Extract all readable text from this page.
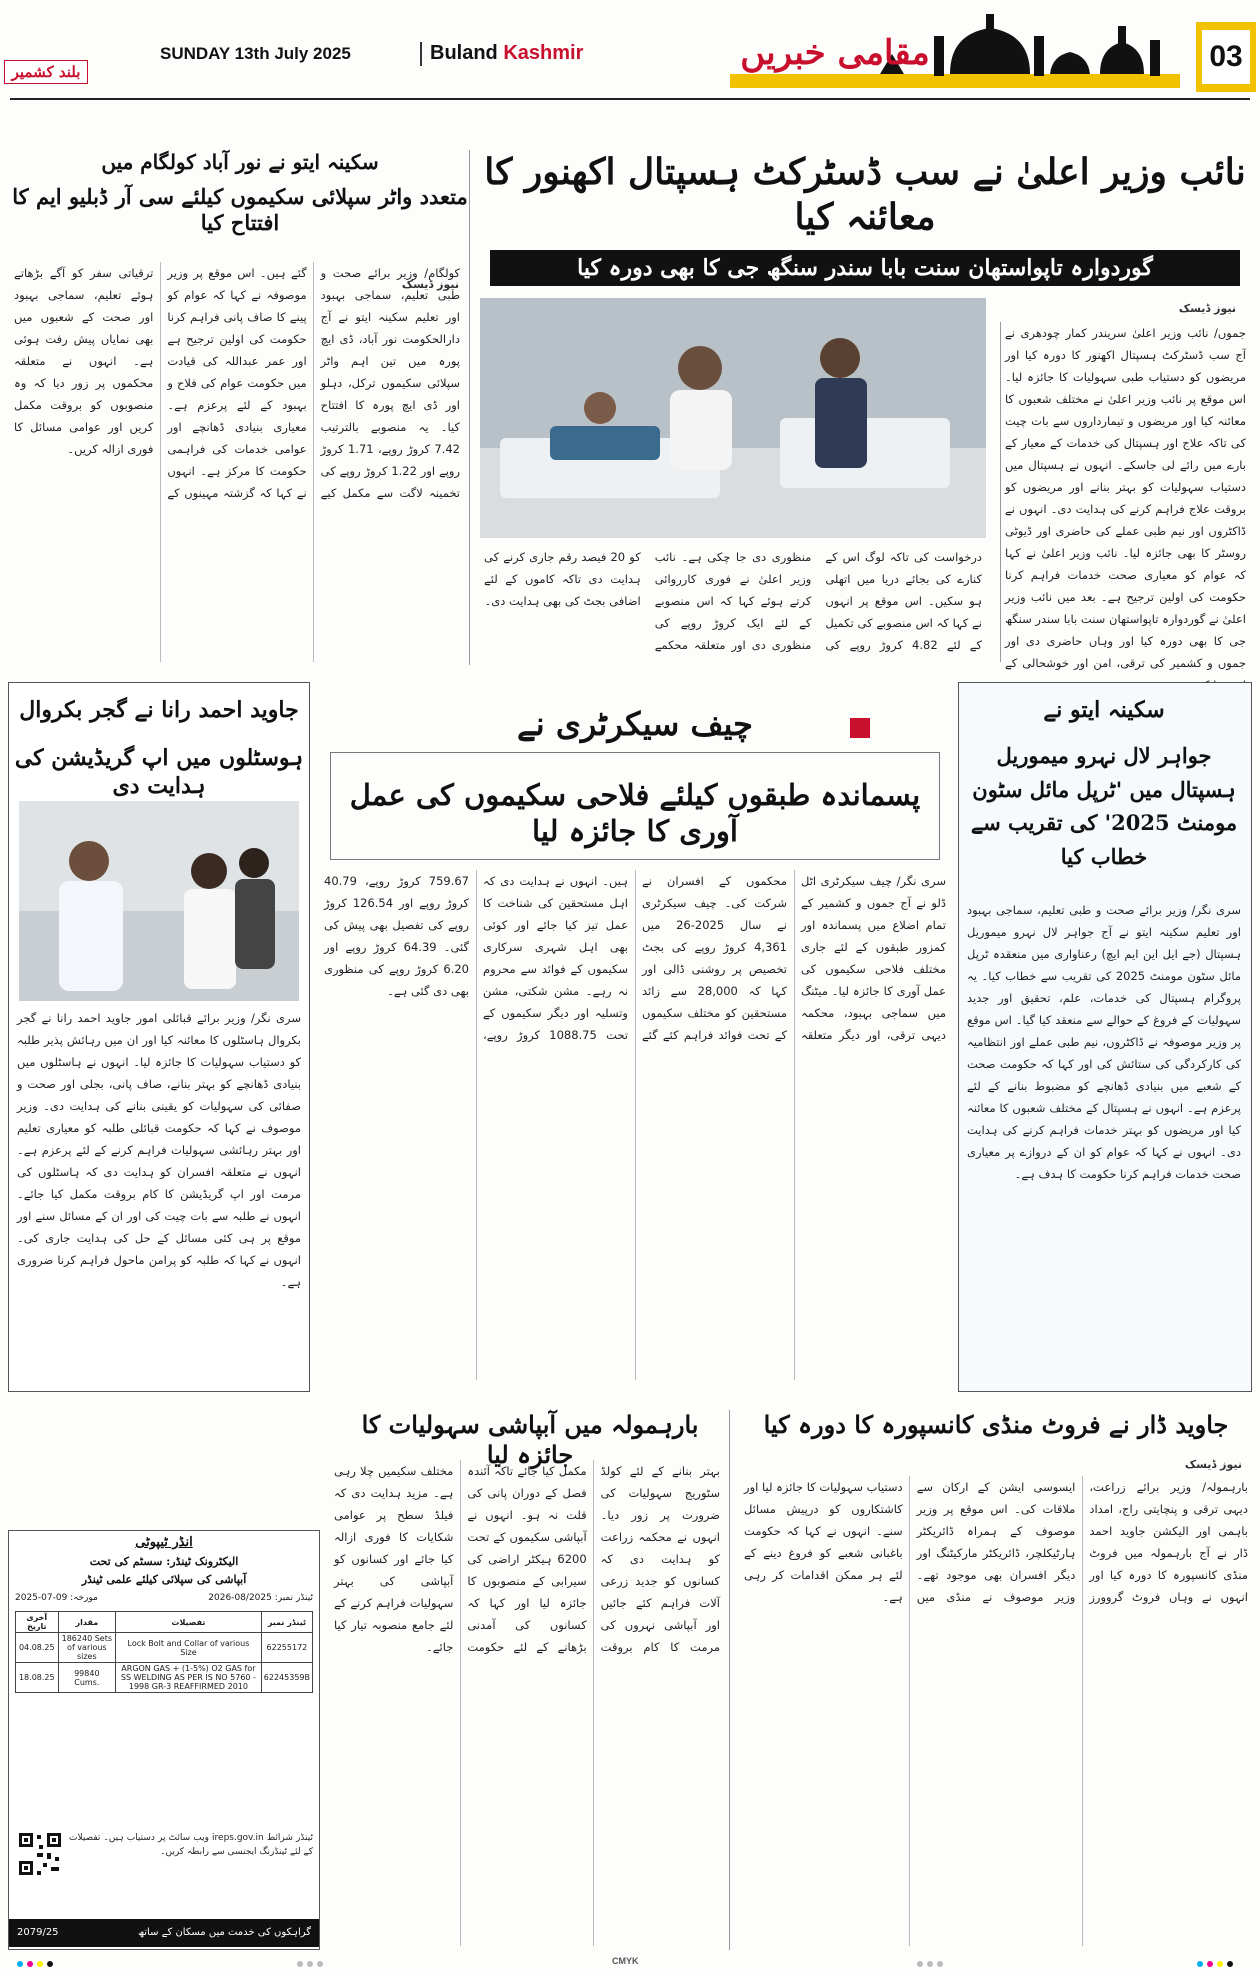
بلند کشمیر
SUNDAY 13th July 2025	Buland Kashmir	مقامی خبریں	03
نائب وزیر اعلیٰ نے سب ڈسٹرکٹ ہسپتال اکھنور کا معائنہ کیا
گوردوارہ تاپواستھان سنت بابا سندر سنگھ جی کا بھی دورہ کیا
نیوز ڈیسک
جموں/ نائب وزیر اعلیٰ سریندر کمار چودھری نے آج سب ڈسٹرکٹ ہسپتال اکھنور کا دورہ کیا اور مریضوں کو دستیاب طبی سہولیات کا جائزہ لیا۔ اس موقع پر نائب وزیر اعلیٰ نے مختلف شعبوں کا معائنہ کیا اور مریضوں و تیمارداروں سے بات چیت کی تاکہ علاج اور ہسپتال کی خدمات کے معیار کے بارے میں رائے لی جاسکے۔ انہوں نے ہسپتال میں دستیاب سہولیات کو بہتر بنانے اور مریضوں کو بروقت علاج فراہم کرنے کی ہدایت دی۔ انہوں نے ڈاکٹروں اور نیم طبی عملے کی حاضری اور ڈیوٹی روسٹر کا بھی جائزہ لیا۔ نائب وزیر اعلیٰ نے کہا کہ عوام کو معیاری صحت خدمات فراہم کرنا حکومت کی اولین ترجیح ہے۔ بعد میں نائب وزیر اعلیٰ نے گوردوارہ تاپواستھان سنت بابا سندر سنگھ جی کا بھی دورہ کیا اور وہاں حاضری دی اور جموں و کشمیر کی ترقی، امن اور خوشحالی کے
درخواست کی تاکہ لوگ اس کے کنارے کی بجائے دریا میں اتھلی ہو سکیں۔ اس موقع پر انہوں نے کہا کہ اس منصوبے کی تکمیل کے لئے 4.82 کروڑ روپے کی منظوری دی جا چکی ہے۔ نائب وزیر اعلیٰ نے فوری کارروائی کرتے ہوئے کہا کہ اس منصوبے کے لئے ایک کروڑ روپے کی منظوری دی اور متعلقہ محکمے کو 20 فیصد رقم جاری کرنے کی ہدایت دی تاکہ کاموں کے لئے اضافی بجٹ کی بھی ہدایت دی۔
سکینہ ایتو نے نور آباد کولگام میں
متعدد واٹر سپلائی سکیموں کیلئے سی آر ڈبلیو ایم کا افتتاح کیا
نیوز ڈیسک
کولگام/ وزیر برائے صحت و طبی تعلیم، سماجی بہبود اور تعلیم سکینہ ایتو نے آج دارالحکومت نور آباد، ڈی ایچ پورہ میں تین اہم واٹر سپلائی سکیموں ترکل، دہلو اور ڈی ایچ پورہ کا افتتاح کیا۔ یہ منصوبے بالترتیب 7.42 کروڑ روپے، 1.71 کروڑ روپے اور 1.22 کروڑ روپے کی تخمینہ لاگت سے مکمل کیے گئے ہیں۔ اس موقع پر وزیر موصوفہ نے کہا کہ عوام کو پینے کا صاف پانی فراہم کرنا حکومت کی اولین ترجیح ہے اور عمر عبداللہ کی قیادت میں حکومت عوام کی فلاح و بہبود کے لئے پرعزم ہے۔ معیاری بنیادی ڈھانچے اور عوامی خدمات کی فراہمی حکومت کا مرکز ہے۔ انہوں نے کہا کہ گزشتہ مہینوں کے ترقیاتی سفر کو آگے بڑھاتے ہوئے تعلیم، سماجی بہبود اور صحت کے شعبوں میں بھی نمایاں پیش رفت ہوئی ہے۔ انہوں نے متعلقہ محکموں پر زور دیا کہ وہ منصوبوں کو بروقت مکمل کریں اور عوامی مسائل کا فوری ازالہ کریں۔
چیف سیکرٹری نے
پسماندہ طبقوں کیلئے فلاحی سکیموں کی عمل آوری کا جائزہ لیا
سری نگر/ چیف سیکرٹری اٹل ڈلو نے آج جموں و کشمیر کے تمام اضلاع میں پسماندہ اور کمزور طبقوں کے لئے جاری مختلف فلاحی سکیموں کی عمل آوری کا جائزہ لیا۔ میٹنگ میں سماجی بہبود، محکمہ دیہی ترقی، اور دیگر متعلقہ محکموں کے افسران نے شرکت کی۔ چیف سیکرٹری نے سال 2025-26 میں 4,361 کروڑ روپے کی بجٹ تخصیص پر روشنی ڈالی اور کہا کہ 28,000 سے زائد مستحقین کو مختلف سکیموں کے تحت فوائد فراہم کئے گئے ہیں۔ انہوں نے ہدایت دی کہ اہل مستحقین کی شناخت کا عمل تیز کیا جائے اور کوئی بھی اہل شہری سرکاری سکیموں کے فوائد سے محروم نہ رہے۔ مشن شکتی، مشن وتسلیہ اور دیگر سکیموں کے تحت 1088.75 کروڑ روپے، 759.67 کروڑ روپے، 40.79 کروڑ روپے اور 126.54 کروڑ روپے کی تفصیل بھی پیش کی گئی۔ 64.39 کروڑ روپے اور 6.20 کروڑ روپے کی منظوری بھی دی گئی ہے۔
سکینہ ایتو نے
جواہر لال نہرو میموریل ہسپتال میں 'ٹرپل مائل سٹون مومنٹ 2025' کی تقریب سے خطاب کیا
سری نگر/ وزیر برائے صحت و طبی تعلیم، سماجی بہبود اور تعلیم سکینہ ایتو نے آج جواہر لال نہرو میموریل ہسپتال (جے ایل این ایم ایچ) رعناواری میں منعقدہ ٹرپل مائل سٹون مومنٹ 2025 کی تقریب سے خطاب کیا۔ یہ پروگرام ہسپتال کی خدمات، علم، تحقیق اور جدید سہولیات کے فروغ کے حوالے سے منعقد کیا گیا۔ اس موقع پر وزیر موصوفہ نے ڈاکٹروں، نیم طبی عملے اور انتظامیہ کی کارکردگی کی ستائش کی اور کہا کہ حکومت صحت کے شعبے میں بنیادی ڈھانچے کو مضبوط بنانے کے لئے پرعزم ہے۔ انہوں نے ہسپتال کے مختلف شعبوں کا معائنہ کیا اور مریضوں کو بہتر خدمات فراہم کرنے کی ہدایت دی۔ انہوں نے کہا کہ عوام کو ان کے دروازے پر معیاری صحت خدمات فراہم کرنا حکومت کا ہدف ہے۔
جاوید احمد رانا نے گجر بکروال
ہوسٹلوں میں اپ گریڈیشن کی ہدایت دی
سری نگر/ وزیر برائے قبائلی امور جاوید احمد رانا نے گجر بکروال ہاسٹلوں کا معائنہ کیا اور ان میں رہائش پذیر طلبہ کو دستیاب سہولیات کا جائزہ لیا۔ انہوں نے ہاسٹلوں میں بنیادی ڈھانچے کو بہتر بنانے، صاف پانی، بجلی اور صحت و صفائی کی سہولیات کو یقینی بنانے کی ہدایت دی۔ وزیر موصوف نے کہا کہ حکومت قبائلی طلبہ کو معیاری تعلیم اور بہتر رہائشی سہولیات فراہم کرنے کے لئے پرعزم ہے۔ انہوں نے متعلقہ افسران کو ہدایت دی کہ ہاسٹلوں کی مرمت اور اپ گریڈیشن کا کام بروقت مکمل کیا جائے۔ انہوں نے طلبہ سے بات چیت کی اور ان کے مسائل سنے اور موقع پر ہی کئی مسائل کے حل کی ہدایت جاری کی۔ انہوں نے کہا کہ طلبہ کو پرامن ماحول فراہم کرنا ضروری ہے۔
جاوید ڈار نے فروٹ منڈی کانسپورہ کا دورہ کیا
نیوز ڈیسک
بارہمولہ/ وزیر برائے زراعت، دیہی ترقی و پنچایتی راج، امداد باہمی اور الیکشن جاوید احمد ڈار نے آج بارہمولہ میں فروٹ منڈی کانسپورہ کا دورہ کیا اور انہوں نے وہاں فروٹ گروورز ایسوسی ایشن کے ارکان سے ملاقات کی۔ اس موقع پر وزیر موصوف کے ہمراہ ڈائریکٹر ہارٹیکلچر، ڈائریکٹر مارکیٹنگ اور دیگر افسران بھی موجود تھے۔ وزیر موصوف نے منڈی میں دستیاب سہولیات کا جائزہ لیا اور کاشتکاروں کو درپیش مسائل سنے۔ انہوں نے کہا کہ حکومت باغبانی شعبے کو فروغ دینے کے لئے ہر ممکن اقدامات کر رہی ہے۔
بارہمولہ میں آبپاشی سہولیات کا جائزہ لیا
بہتر بنانے کے لئے کولڈ سٹوریج سہولیات کی ضرورت پر زور دیا۔ انہوں نے محکمہ زراعت کو ہدایت دی کہ کسانوں کو جدید زرعی آلات فراہم کئے جائیں اور آبپاشی نہروں کی مرمت کا کام بروقت مکمل کیا جائے تاکہ آئندہ فصل کے دوران پانی کی قلت نہ ہو۔ انہوں نے آبپاشی سکیموں کے تحت 6200 ہیکٹر اراضی کی سیرابی کے منصوبوں کا جائزہ لیا اور کہا کہ کسانوں کی آمدنی بڑھانے کے لئے حکومت مختلف سکیمیں چلا رہی ہے۔ مزید ہدایت دی کہ فیلڈ سطح پر عوامی شکایات کا فوری ازالہ کیا جائے اور کسانوں کو آبپاشی کی بہتر سہولیات فراہم کرنے کے لئے جامع منصوبہ تیار کیا جائے۔
انڈر ٹیپوٹی
الیکٹرونک ٹینڈر: سسٹم کی تحت
آبپاشی کی سپلائی کیلئے علمی ٹینڈر
ٹینڈر نمبر: 08/2025-2026
مورخہ: 09-07-2025
ٹینڈر نمبر	تفصیلات	مقدار	آخری تاریخ
62255172	Lock Bolt and Collar of various Size	186240 Sets of various sizes	04.08.25
62245359B	ARGON GAS + (1-5%) O2 GAS for SS WELDING AS PER IS NO 5760 - 1998 GR-3 REAFFIRMED 2010	99840 Cums.	18.08.25
ٹینڈر شرائط ireps.gov.in ویب سائٹ پر دستیاب ہیں۔ تفصیلات کے لئے ٹینڈرنگ ایجنسی سے رابطہ کریں۔
گراہکوں کی خدمت میں مسکان کے ساتھ
2079/25
CMYK
